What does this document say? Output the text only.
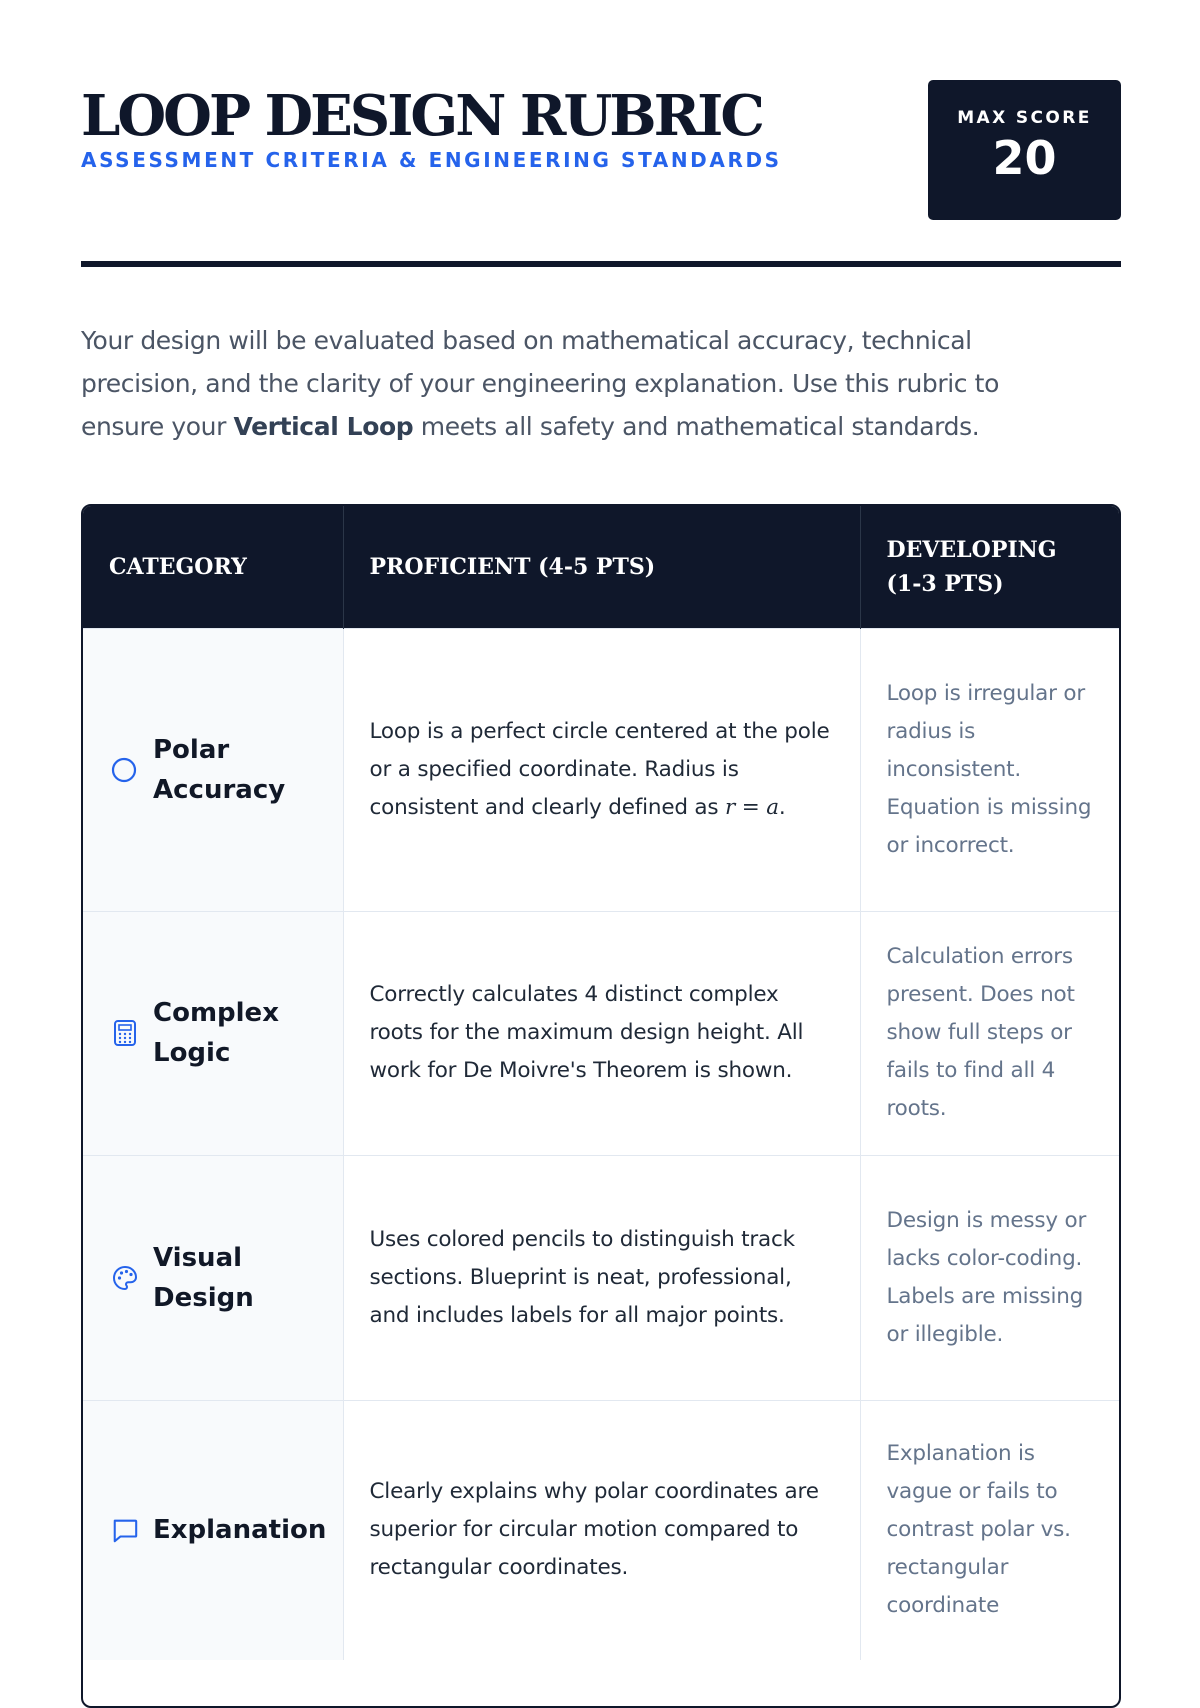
LOOP DESIGN RUBRIC

ASSESSMENT CRITERIA & ENGINEERING STANDARDS

MAX SCORE
20

Your design will be evaluated based on mathematical accuracy, technical precision, and the clarity of your engineering explanation. Use this rubric to ensure your Vertical Loop meets all safety and mathematical standards.

CATEGORY	PROFICIENT (4-5 PTS)	DEVELOPING (1-3 PTS)

Polar Accuracy	Loop is a perfect circle centered at the pole or a specified coordinate. Radius is consistent and clearly defined as r = a.	Loop is irregular or radius is inconsistent. Equation is missing or incorrect.

Complex Logic	Correctly calculates 4 distinct complex roots for the maximum design height. All work for De Moivre's Theorem is shown.	Calculation errors present. Does not show full steps or fails to find all 4 roots.

Visual Design	Uses colored pencils to distinguish track sections. Blueprint is neat, professional, and includes labels for all major points.	Design is messy or lacks color-coding. Labels are missing or illegible.

Explanation	Clearly explains why polar coordinates are superior for circular motion compared to rectangular coordinates.	Explanation is vague or fails to contrast polar vs. rectangular coordinate
